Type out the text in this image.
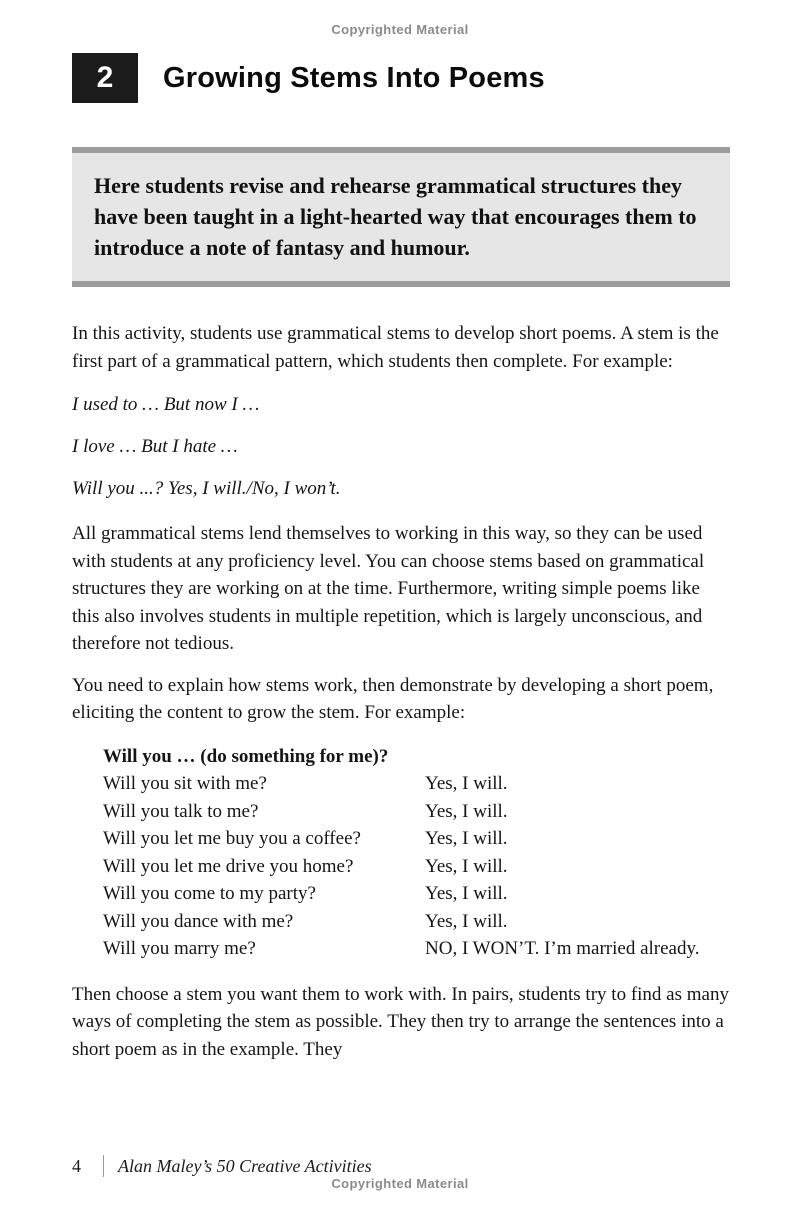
Copyrighted Material
2	Growing Stems Into Poems
Here students revise and rehearse grammatical structures they have been taught in a light-hearted way that encourages them to introduce a note of fantasy and humour.
In this activity, students use grammatical stems to develop short poems. A stem is the first part of a grammatical pattern, which students then complete. For example:
I used to … But now I …
I love … But I hate …
Will you ...? Yes, I will./No, I won’t.
All grammatical stems lend themselves to working in this way, so they can be used with students at any proficiency level. You can choose stems based on grammatical structures they are working on at the time. Furthermore, writing simple poems like this also involves students in multiple repetition, which is largely unconscious, and therefore not tedious.
You need to explain how stems work, then demonstrate by developing a short poem, eliciting the content to grow the stem. For example:
Will you … (do something for me)?
Will you sit with me?	Yes, I will.
Will you talk to me?	Yes, I will.
Will you let me buy you a coffee?	Yes, I will.
Will you let me drive you home?	Yes, I will.
Will you come to my party?	Yes, I will.
Will you dance with me?	Yes, I will.
Will you marry me?	NO, I WON’T. I’m married already.
Then choose a stem you want them to work with. In pairs, students try to find as many ways of completing the stem as possible. They then try to arrange the sentences into a short poem as in the example. They
4 Alan Maley’s 50 Creative Activities
Copyrighted Material
